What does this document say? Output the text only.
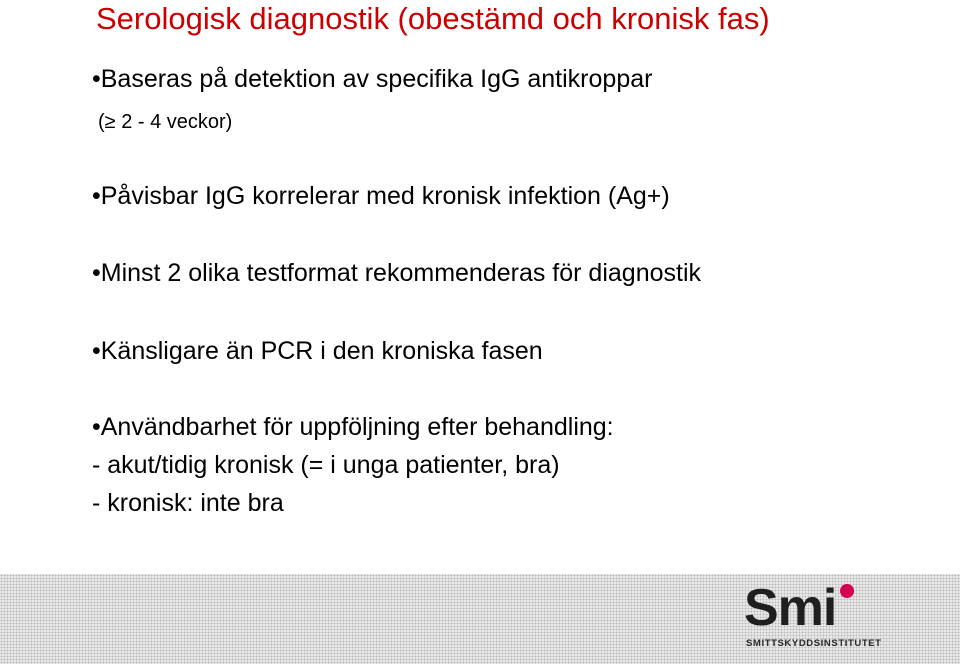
Serologisk diagnostik (obestämd och kronisk fas)
•Baseras på detektion av specifika IgG antikroppar
(≥ 2 - 4 veckor)
•Påvisbar IgG korrelerar med kronisk infektion (Ag+)
•Minst 2 olika testformat rekommenderas för diagnostik
•Känsligare än PCR i den kroniska fasen
•Användbarhet för uppföljning efter behandling:
- akut/tidig kronisk (= i unga patienter, bra)
- kronisk: inte bra
Smi
SMITTSKYDDSINSTITUTET
